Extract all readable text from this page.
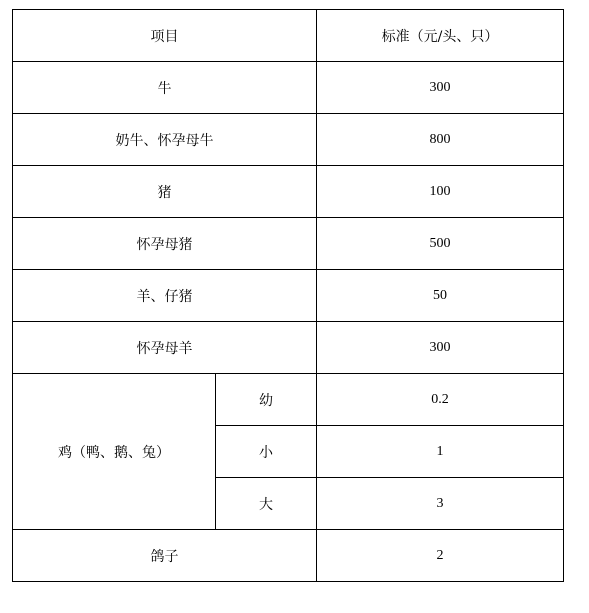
项目		标准（元/头、只）
牛		300
奶牛、怀孕母牛		800
猪		100
怀孕母猪		500
羊、仔猪		50
怀孕母羊		300
鸡（鸭、鹅、兔）	幼	0.2
	小	1
	大	3
鸽子		2
